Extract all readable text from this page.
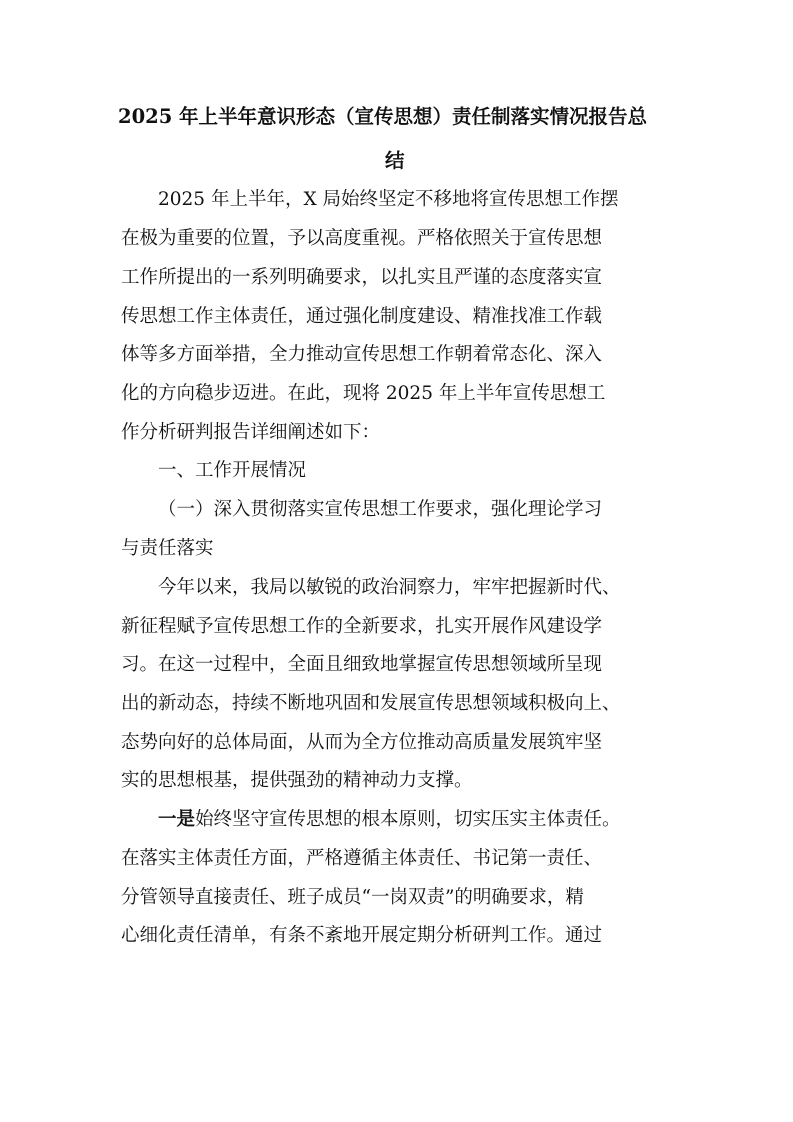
2025 年上半年意识形态（宣传思想）责任制落实情况报告总
结
2025 年上半年，X 局始终坚定不移地将宣传思想工作摆
在极为重要的位置，予以高度重视。严格依照关于宣传思想
工作所提出的一系列明确要求，以扎实且严谨的态度落实宣
传思想工作主体责任，通过强化制度建设、精准找准工作载
体等多方面举措，全力推动宣传思想工作朝着常态化、深入
化的方向稳步迈进。在此，现将 2025 年上半年宣传思想工
作分析研判报告详细阐述如下：
一、工作开展情况
（一）深入贯彻落实宣传思想工作要求，强化理论学习
与责任落实
今年以来，我局以敏锐的政治洞察力，牢牢把握新时代、
新征程赋予宣传思想工作的全新要求，扎实开展作风建设学
习。在这一过程中，全面且细致地掌握宣传思想领域所呈现
出的新动态，持续不断地巩固和发展宣传思想领域积极向上、
态势向好的总体局面，从而为全方位推动高质量发展筑牢坚
实的思想根基，提供强劲的精神动力支撑。
一是始终坚守宣传思想的根本原则，切实压实主体责任。
在落实主体责任方面，严格遵循主体责任、书记第一责任、
分管领导直接责任、班子成员“一岗双责”的明确要求，精
心细化责任清单，有条不紊地开展定期分析研判工作。通过
